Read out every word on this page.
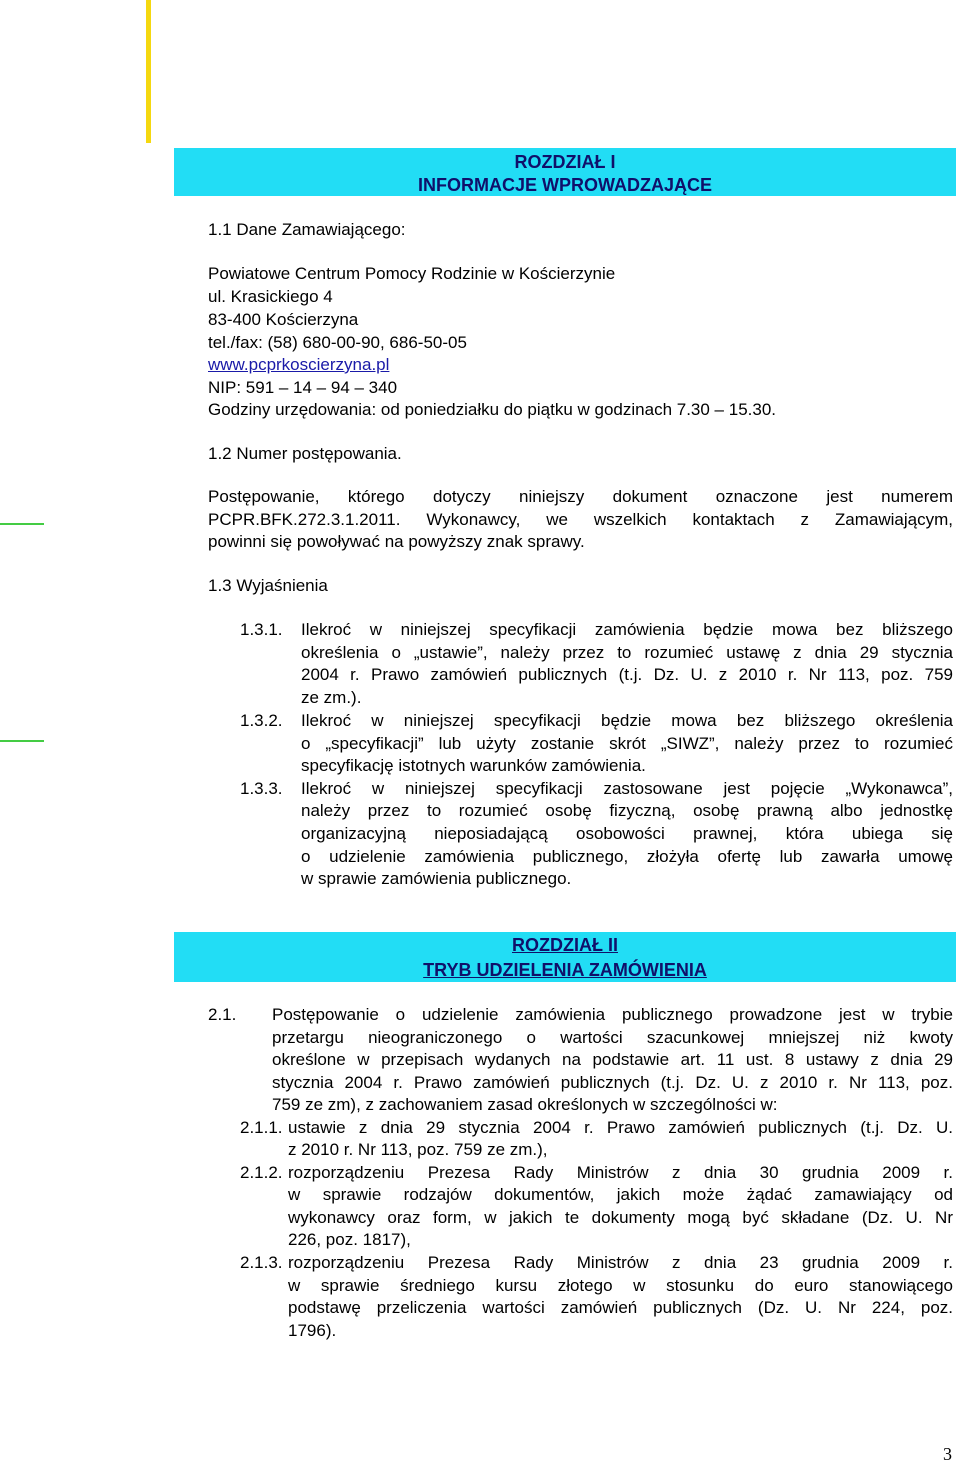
ROZDZIAŁ I
INFORMACJE WPROWADZAJĄCE
1.1 Dane Zamawiającego:
Powiatowe Centrum Pomocy Rodzinie w Kościerzynie
ul. Krasickiego 4
83-400 Kościerzyna
tel./fax: (58) 680-00-90, 686-50-05
www.pcprkoscierzyna.pl
NIP: 591 – 14 – 94 – 340
Godziny urzędowania: od poniedziałku do piątku w godzinach 7.30 – 15.30.
1.2 Numer postępowania.
Postępowanie, którego dotyczy niniejszy dokument oznaczone jest numerem
PCPR.BFK.272.3.1.2011. Wykonawcy, we wszelkich kontaktach z Zamawiającym,
powinni się powoływać na powyższy znak sprawy.
1.3 Wyjaśnienia
1.3.1. Ilekroć w niniejszej specyfikacji zamówienia będzie mowa bez bliższego
określenia o „ustawie”, należy przez to rozumieć ustawę z dnia 29 stycznia
2004 r. Prawo zamówień publicznych (t.j. Dz. U. z 2010 r. Nr 113, poz. 759
ze zm.).
1.3.2. Ilekroć w niniejszej specyfikacji będzie mowa bez bliższego określenia
o „specyfikacji” lub użyty zostanie skrót „SIWZ”, należy przez to rozumieć
specyfikację istotnych warunków zamówienia.
1.3.3. Ilekroć w niniejszej specyfikacji zastosowane jest pojęcie „Wykonawca”,
należy przez to rozumieć osobę fizyczną, osobę prawną albo jednostkę
organizacyjną nieposiadającą osobowości prawnej, która ubiega się
o udzielenie zamówienia publicznego, złożyła ofertę lub zawarła umowę
w sprawie zamówienia publicznego.
ROZDZIAŁ II
TRYB UDZIELENIA ZAMÓWIENIA
2.1. Postępowanie o udzielenie zamówienia publicznego prowadzone jest w trybie
przetargu nieograniczonego o wartości szacunkowej mniejszej niż kwoty
określone w przepisach wydanych na podstawie art. 11 ust. 8 ustawy z dnia 29
stycznia 2004 r. Prawo zamówień publicznych (t.j. Dz. U. z 2010 r. Nr 113, poz.
759 ze zm), z zachowaniem zasad określonych w szczególności w:
2.1.1. ustawie z dnia 29 stycznia 2004 r. Prawo zamówień publicznych (t.j. Dz. U.
z 2010 r. Nr 113, poz. 759 ze zm.),
2.1.2. rozporządzeniu Prezesa Rady Ministrów z dnia 30 grudnia 2009 r.
w sprawie rodzajów dokumentów, jakich może żądać zamawiający od
wykonawcy oraz form, w jakich te dokumenty mogą być składane (Dz. U. Nr
226, poz. 1817),
2.1.3. rozporządzeniu Prezesa Rady Ministrów z dnia 23 grudnia 2009 r.
w sprawie średniego kursu złotego w stosunku do euro stanowiącego
podstawę przeliczenia wartości zamówień publicznych (Dz. U. Nr 224, poz.
1796).
3
